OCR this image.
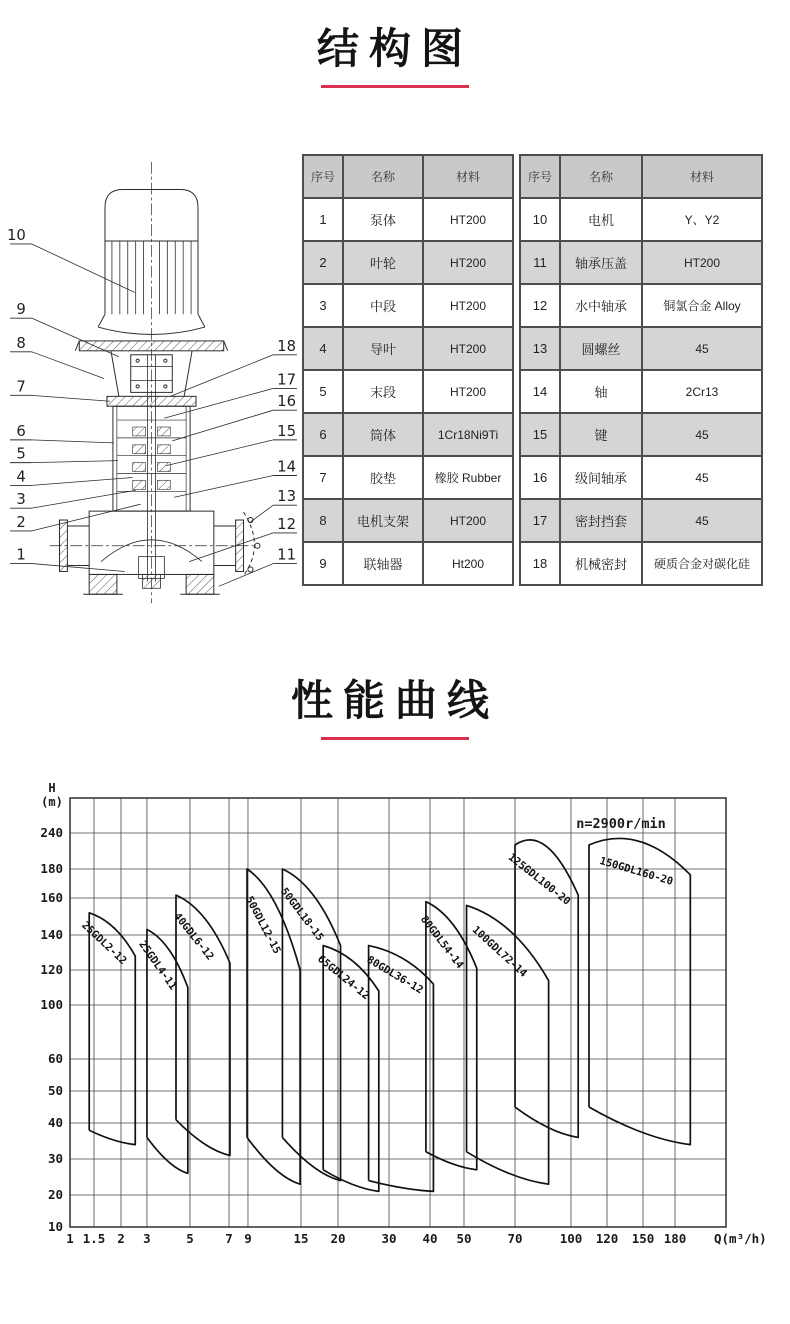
结构图
10
9
8
7
6
5
4
3
2
1
18
17
16
15
14
13
12
11
序号	名称	材料
1	泵体	HT200
2	叶轮	HT200
3	中段	HT200
4	导叶	HT200
5	末段	HT200
6	筒体	1Cr18Ni9Ti
7	胶垫	橡胶 Rubber
8	电机支架	HT200
9	联轴器	Ht200
序号	名称	材料
10	电机	Y、Y2
11	轴承压盖	HT200
12	水中轴承	铜氯合金 Alloy
13	圆螺丝	45
14	轴	2Cr13
15	键	45
16	级间轴承	45
17	密封挡套	45
18	机械密封	硬质合金对碳化硅
性能曲线
25GDL2-12 25GDL4-11
40GDL6-12	50GDL12-15
50GDL18-15
65GDL24-12
80GDL36-12
80GDL54-14 100GDL72-14
125GDL100-20 150GDL160-20
1 1.5 2 3	5	7 9	15 20	30 40 50	70	100 120 150 180
240
180
160
140
120
100
60
50
40
30
20
10
H
(m)
Q(m³/h)
n=2900r/min
